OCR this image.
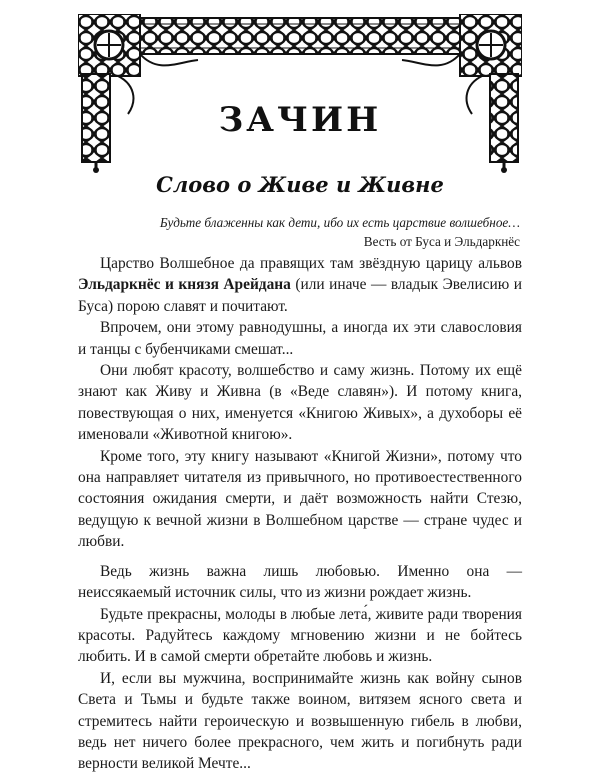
ЗАЧИН
Слово о Живе и Живне
Будьте блаженны как дети, ибо их есть царствие волшебное…
Весть от Буса и Эльдаркнёс

Царство Волшебное да правящих там звёздную царицу альвов Эльдаркнёс и князя Арейдана (или иначе — владык Эвелисию и Буса) порою славят и почитают.

Впрочем, они этому равнодушны, а иногда их эти славословия и танцы с бубенчиками смешат...

Они любят красоту, волшебство и саму жизнь. Потому их ещё знают как Живу и Живна (в «Веде славян»). И потому книга, повествующая о них, именуется «Книгою Живых», а духоборы её именовали «Животной книгою».

Кроме того, эту книгу называют «Книгой Жизни», потому что она направляет читателя из привычного, но противоестественного состояния ожидания смерти, и даёт возможность найти Стезю, ведущую к вечной жизни в Волшебном царстве — стране чудес и любви.

Ведь жизнь важна лишь любовью. Именно она — неиссякаемый источник силы, что из жизни рождает жизнь.

Будьте прекрасны, молоды в любые лета́, живите ради творения красоты. Радуйтесь каждому мгновению жизни и не бойтесь любить. И в самой смерти обретайте любовь и жизнь.

И, если вы мужчина, воспринимайте жизнь как войну сынов Света и Тьмы и будьте также воином, витязем ясного света и стремитесь найти героическую и возвышенную гибель в любви, ведь нет ничего более прекрасного, чем жить и погибнуть ради верности великой Мечте...
